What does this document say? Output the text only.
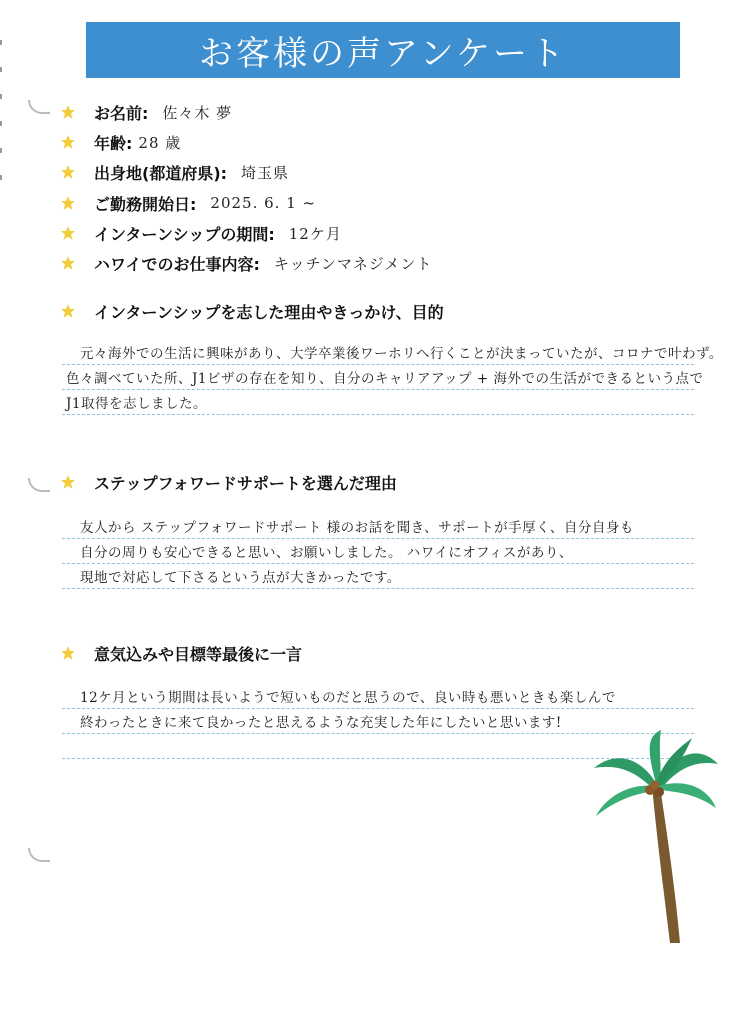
お客様の声アンケート
お名前: 佐々木 夢
年齢: 28 歳
出身地(都道府県): 埼玉県
ご勤務開始日: 2025. 6. 1 ~
インターンシップの期間: 12ケ月
ハワイでのお仕事内容: キッチンマネジメント
インターンシップを志した理由やきっかけ、目的
元々海外での生活に興味があり、大学卒業後ワーホリへ行くことが決まっていたが、コロナで叶わず。
色々調べていた所、J1ビザの存在を知り、自分のキャリアアップ + 海外での生活ができるという点で
J1取得を志しました。
ステップフォワードサポートを選んだ理由
友人から ステップフォワードサポート 様のお話を聞き、サポートが手厚く、自分自身も
自分の周りも安心できると思い、お願いしました。 ハワイにオフィスがあり、
現地で対応して下さるという点が大きかったです。
意気込みや目標等最後に一言
12ケ月という期間は長いようで短いものだと思うので、良い時も悪いときも楽しんで
終わったときに来て良かったと思えるような充実した年にしたいと思います!
